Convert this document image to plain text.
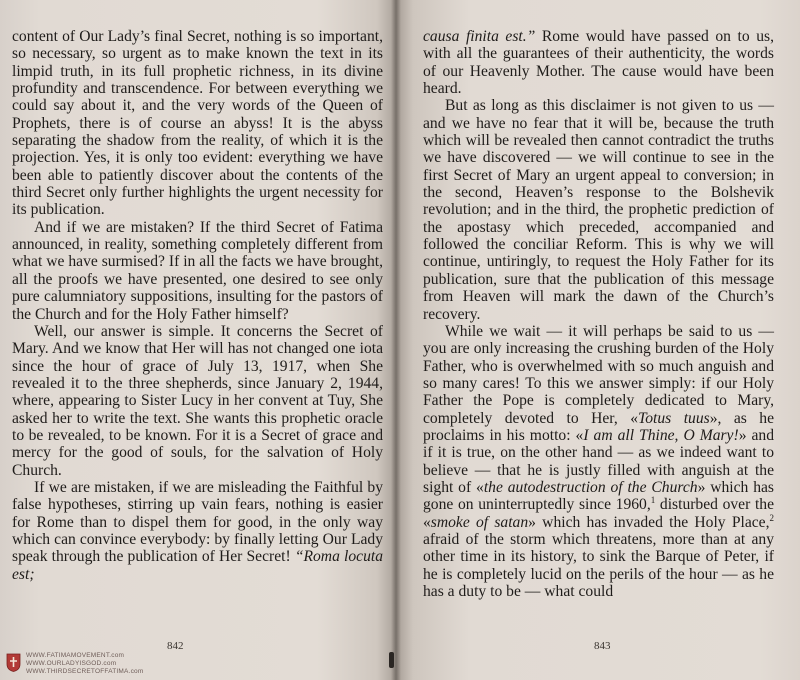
content of Our Lady’s final Secret, nothing is so important, so necessary, so urgent as to make known the text in its limpid truth, in its full prophetic richness, in its divine profundity and transcendence. For between everything we could say about it, and the very words of the Queen of Prophets, there is of course an abyss! It is the abyss separating the shadow from the reality, of which it is the projection. Yes, it is only too evident: everything we have been able to patiently discover about the contents of the third Secret only further highlights the urgent necessity for its publication.

And if we are mistaken? If the third Secret of Fatima announced, in reality, something completely different from what we have surmised? If in all the facts we have brought, all the proofs we have presented, one desired to see only pure calumniatory suppositions, insulting for the pastors of the Church and for the Holy Father himself?

Well, our answer is simple. It concerns the Secret of Mary. And we know that Her will has not changed one iota since the hour of grace of July 13, 1917, when She revealed it to the three shepherds, since January 2, 1944, where, appearing to Sister Lucy in her convent at Tuy, She asked her to write the text. She wants this prophetic oracle to be revealed, to be known. For it is a Secret of grace and mercy for the good of souls, for the salvation of Holy Church.

If we are mistaken, if we are misleading the Faithful by false hypotheses, stirring up vain fears, nothing is easier for Rome than to dispel them for good, in the only way which can convince everybody: by finally letting Our Lady speak through the publication of Her Secret! “Roma locuta est;

842
WWW.FATIMAMOVEMENT.com
WWW.OURLADYISGOD.com
WWW.THIRDSECRETOFFATIMA.com

causa finita est.” Rome would have passed on to us, with all the guarantees of their authenticity, the words of our Heavenly Mother. The cause would have been heard.

But as long as this disclaimer is not given to us — and we have no fear that it will be, because the truth which will be revealed then cannot contradict the truths we have discovered — we will continue to see in the first Secret of Mary an urgent appeal to conversion; in the second, Heaven’s response to the Bolshevik revolution; and in the third, the prophetic prediction of the apostasy which preceded, accompanied and followed the conciliar Reform. This is why we will continue, untiringly, to request the Holy Father for its publication, sure that the publication of this message from Heaven will mark the dawn of the Church’s recovery.

While we wait — it will perhaps be said to us — you are only increasing the crushing burden of the Holy Father, who is overwhelmed with so much anguish and so many cares! To this we answer simply: if our Holy Father the Pope is completely dedicated to Mary, completely devoted to Her, «Totus tuus», as he proclaims in his motto: «I am all Thine, O Mary!» and if it is true, on the other hand — as we indeed want to believe — that he is justly filled with anguish at the sight of «the autodestruction of the Church» which has gone on uninterruptedly since 1960,$^1$ disturbed over the «smoke of satan» which has invaded the Holy Place,$^2$ afraid of the storm which threatens, more than at any other time in its history, to sink the Barque of Peter, if he is completely lucid on the perils of the hour — as he has a duty to be — what could

843
